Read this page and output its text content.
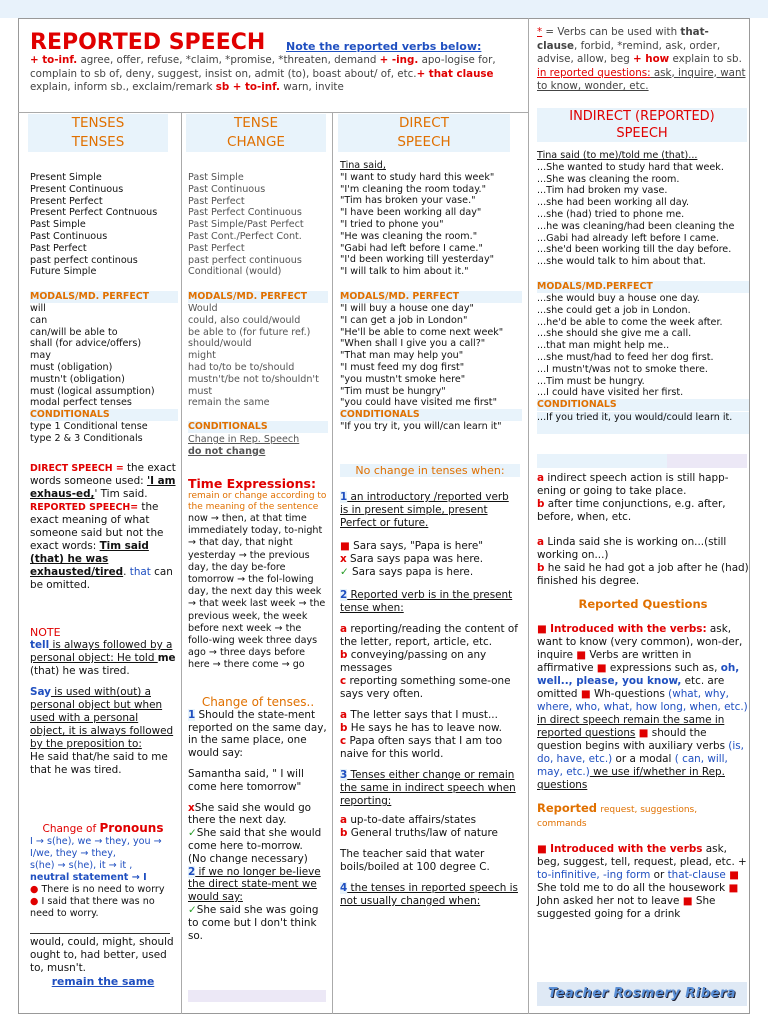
REPORTED SPEECH Note the reported verbs below:
+ to-inf. agree, offer, refuse, *claim, *promise, *threaten, demand + -ing. apo-logise for, complain to sb of, deny, suggest, insist on, admit (to), boast about/ of, etc.+ that clause explain, inform sb., exclaim/remark sb + to-inf. warn, invite
* = Verbs can be used with that-clause, forbid, *remind, ask, order, advise, allow, beg + how explain to sb. in reported questions: ask, inquire, want to know, wonder, etc.
TENSES
TENSES
TENSE
CHANGE
DIRECT
SPEECH
INDIRECT (REPORTED)
SPEECH
Present Simple
Present Continuous
Present Perfect
Present Perfect Contnuous
Past Simple
Past Continuous
Past Perfect
past perfect continous
Future Simple
MODALS/MD. PERFECT
will
can
can/will be able to
shall (for advice/offers)
may
must (obligation)
mustn't (obligation)
must (logical assumption)
modal perfect tenses
CONDITIONALS
type 1 Conditional tense
type 2 & 3 Conditionals
DIRECT SPEECH = the exact words someone used: 'I am exhaus-ed,' Tim said. REPORTED SPEECH= the exact meaning of what someone said but not the exact words: Tim said (that) he was exhausted/tired. that can be omitted.
NOTE
tell is always followed by a personal object: He told me (that) he was tired.
Say is used with(out) a personal object but when used with a personal object, it is always followed by the preposition to:
He said that/he said to me that he was tired.
Change of Pronouns
I → s(he), we → they, you → I/we, they → they,
s(he) → s(he), it → it ,
neutral statement → I
● There is no need to worry
● I said that there was no need to worry.
would, could, might, should ought to, had better, used to, musn't.
remain the same
Past Simple
Past Continuous
Past Perfect
Past Perfect Continuous
Past Simple/Past Perfect
Past Cont./Perfect Cont.
Past Perfect
past perfect continuous
Conditional (would)
MODALS/MD. PERFECT
Would
could, also could/would
be able to (for future ref.)
should/would
might
had to/to be to/should
mustn't/be not to/shouldn't
must
remain the same
CONDITIONALS
Change in Rep. Speech
do not change
Time Expressions:
remain or change according to the meaning of the sentence
now → then, at that time immediately today, to-night → that day, that night yesterday → the previous day, the day be-fore tomorrow → the fol-lowing day, the next day this week → that week last week → the previous week, the week before next week → the follo-wing week three days ago → three days before here → there come → go
Change of tenses..
1 Should the state-ment reported on the same day, in the same place, one would say:
Samantha said, " I will come here tomorrow"
xShe said she would go there the next day.
✓She said that she would come here to-morrow.
(No change necessary)
2 if we no longer be-lieve the direct state-ment we would say:
✓She said she was going to come but I don't think so.
Tina said,
"I want to study hard this week"
"I'm cleaning the room today."
"Tim has broken your vase."
"I have been working all day"
"I tried to phone you"
"He was cleaning the room."
"Gabi had left before I came."
"I'd been working till yesterday"
"I will talk to him about it."
MODALS/MD. PERFECT
"I will buy a house one day"
"I can get a job in London"
"He'll be able to come next week"
"When shall I give you a call?"
"That man may help you"
"I must feed my dog first"
"you mustn't smoke here"
"Tim must be hungry"
"you could have visited me first"
CONDITIONALS
"If you try it, you will/can learn it"
No change in tenses when:
1 an introductory /reported verb is in present simple, present Perfect or future.
■ Sara says, "Papa is here"
x Sara says papa was here.
✓ Sara says papa is here.
2 Reported verb is in the present tense when:
a reporting/reading the content of the letter, report, article, etc.
b conveying/passing on any messages
c reporting something some-one says very often.
a The letter says that I must...
b He says he has to leave now.
c Papa often says that I am too naive for this world.
3 Tenses either change or remain the same in indirect speech when reporting:
a up-to-date affairs/states
b General truths/law of nature
The teacher said that water boils/boiled at 100 degree C.
4 the tenses in reported speech is not usually changed when:
Tina said (to me)/told me (that)...
...She wanted to study hard that week.
...She was cleaning the room.
...Tim had broken my vase.
...she had been working all day.
...she (had) tried to phone me.
...he was cleaning/had been cleaning the
...Gabi had already left before I came.
...she'd been working till the day before.
...she would talk to him about that.
MODALS/MD.PERFECT
...she would buy a house one day.
...she could get a job in London.
...he'd be able to come the week after.
...she should she give me a call.
...that man might help me..
...she must/had to feed her dog first.
...I mustn't/was not to smoke there.
...Tim must be hungry.
...I could have visited her first.
CONDITIONALS
...If you tried it, you would/could learn it.
a indirect speech action is still happ-ening or going to take place.
b after time conjunctions, e.g. after, before, when, etc.
a Linda said she is working on...(still working on...)
b he said he had got a job after he (had) finished his degree.
Reported Questions
■ Introduced with the verbs: ask, want to know (very common), won-der, inquire ■ Verbs are written in affirmative ■ expressions such as, oh, well.., please, you know, etc. are omitted ■ Wh-questions (what, why, where, who, what, how long, when, etc.) in direct speech remain the same in reported questions ■ should the question begins with auxiliary verbs (is, do, have, etc.) or a modal ( can, will, may, etc.) we use if/whether in Rep. questions
Reported request, suggestions, commands
■ Introduced with the verbs ask, beg, suggest, tell, request, plead, etc. + to-infinitive, -ing form or that-clause ■ She told me to do all the housework ■ John asked her not to leave ■ She suggested going for a drink
Teacher Rosmery Ribera
